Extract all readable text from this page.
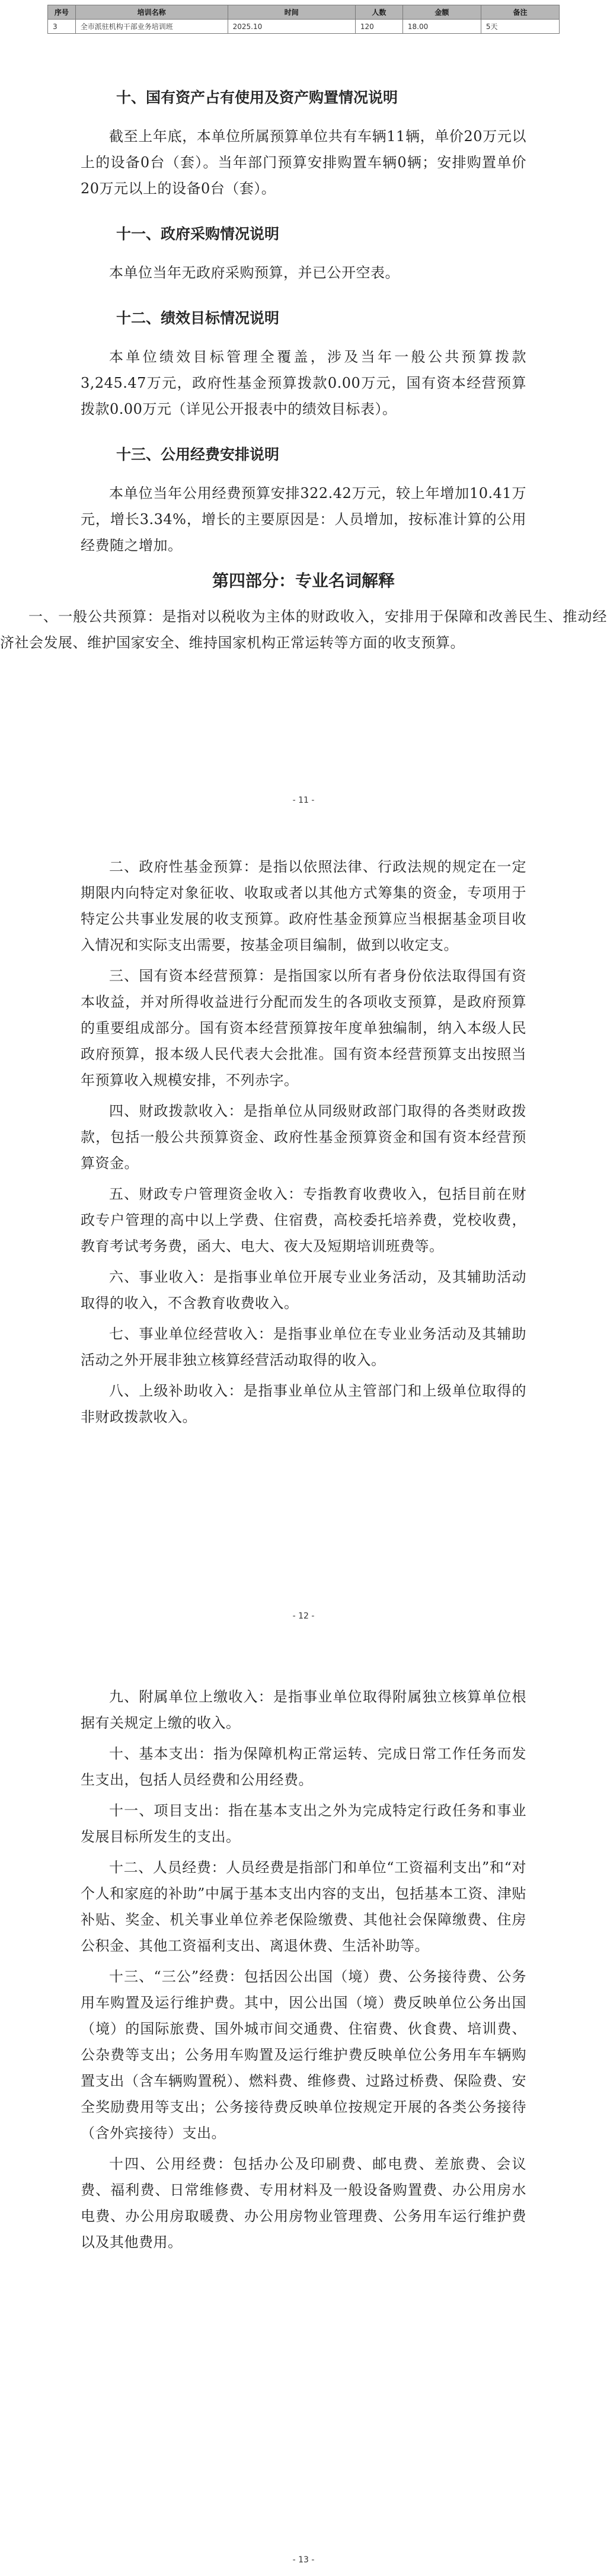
序号	培训名称	时间	人数	金额	备注
3	全市派驻机构干部业务培训班	2025.10	120	18.00	5天
十、国有资产占有使用及资产购置情况说明

截至上年底，本单位所属预算单位共有车辆11辆，单价20万元以上的设备0台（套）。当年部门预算安排购置车辆0辆；安排购置单价20万元以上的设备0台（套）。

十一、政府采购情况说明

本单位当年无政府采购预算，并已公开空表。

十二、绩效目标情况说明

本单位绩效目标管理全覆盖，涉及当年一般公共预算拨款3,245.47万元，政府性基金预算拨款0.00万元，国有资本经营预算拨款0.00万元（详见公开报表中的绩效目标表）。

十三、公用经费安排说明

本单位当年公用经费预算安排322.42万元，较上年增加10.41万元，增长3.34%，增长的主要原因是：人员增加，按标准计算的公用经费随之增加。

第四部分：专业名词解释

一、一般公共预算：是指对以税收为主体的财政收入，安排用于保障和改善民生、推动经济社会发展、维护国家安全、维持国家机构正常运转等方面的收支预算。

- 11 -

二、政府性基金预算：是指以依照法律、行政法规的规定在一定期限内向特定对象征收、收取或者以其他方式筹集的资金，专项用于特定公共事业发展的收支预算。政府性基金预算应当根据基金项目收入情况和实际支出需要，按基金项目编制，做到以收定支。

三、国有资本经营预算：是指国家以所有者身份依法取得国有资本收益，并对所得收益进行分配而发生的各项收支预算，是政府预算的重要组成部分。国有资本经营预算按年度单独编制，纳入本级人民政府预算，报本级人民代表大会批准。国有资本经营预算支出按照当年预算收入规模安排，不列赤字。

四、财政拨款收入：是指单位从同级财政部门取得的各类财政拨款，包括一般公共预算资金、政府性基金预算资金和国有资本经营预算资金。

五、财政专户管理资金收入：专指教育收费收入，包括目前在财政专户管理的高中以上学费、住宿费，高校委托培养费，党校收费，教育考试考务费，函大、电大、夜大及短期培训班费等。

六、事业收入：是指事业单位开展专业业务活动，及其辅助活动取得的收入，不含教育收费收入。

七、事业单位经营收入：是指事业单位在专业业务活动及其辅助活动之外开展非独立核算经营活动取得的收入。

八、上级补助收入：是指事业单位从主管部门和上级单位取得的非财政拨款收入。

- 12 -

九、附属单位上缴收入：是指事业单位取得附属独立核算单位根据有关规定上缴的收入。

十、基本支出：指为保障机构正常运转、完成日常工作任务而发生支出，包括人员经费和公用经费。

十一、项目支出：指在基本支出之外为完成特定行政任务和事业发展目标所发生的支出。

十二、人员经费：人员经费是指部门和单位“工资福利支出”和“对个人和家庭的补助”中属于基本支出内容的支出，包括基本工资、津贴补贴、奖金、机关事业单位养老保险缴费、其他社会保障缴费、住房公积金、其他工资福利支出、离退休费、生活补助等。

十三、“三公”经费：包括因公出国（境）费、公务接待费、公务用车购置及运行维护费。其中，因公出国（境）费反映单位公务出国（境）的国际旅费、国外城市间交通费、住宿费、伙食费、培训费、公杂费等支出；公务用车购置及运行维护费反映单位公务用车车辆购置支出（含车辆购置税）、燃料费、维修费、过路过桥费、保险费、安全奖励费用等支出；公务接待费反映单位按规定开展的各类公务接待（含外宾接待）支出。

十四、公用经费：包括办公及印刷费、邮电费、差旅费、会议费、福利费、日常维修费、专用材料及一般设备购置费、办公用房水电费、办公用房取暖费、办公用房物业管理费、公务用车运行维护费以及其他费用。

- 13 -
